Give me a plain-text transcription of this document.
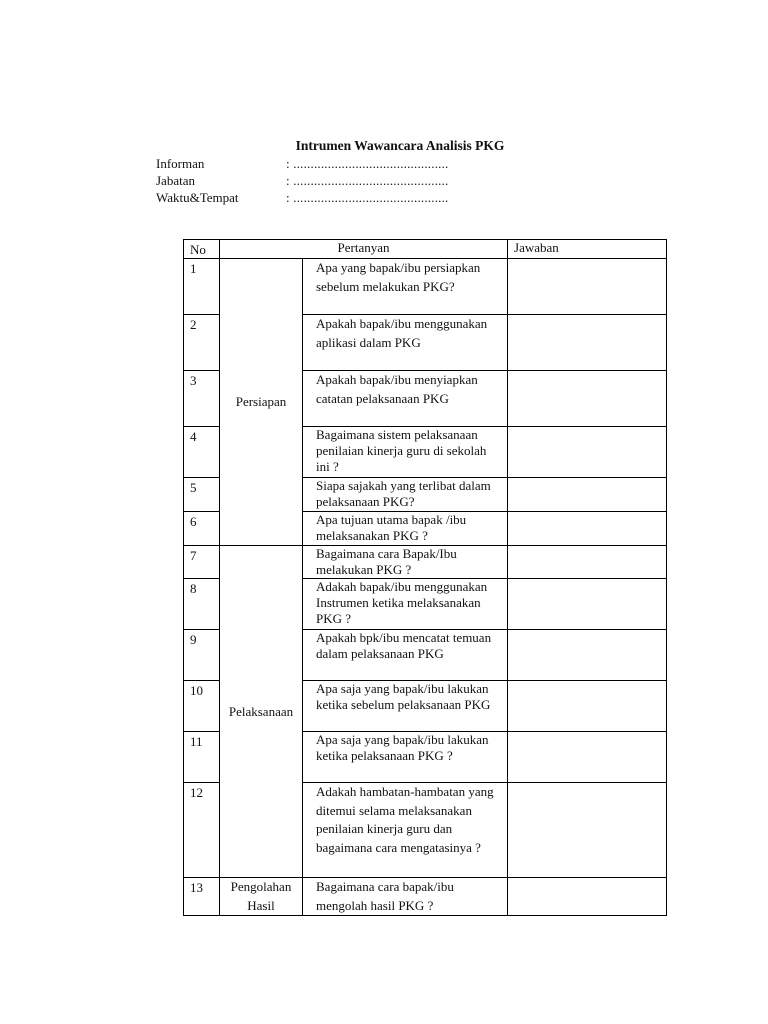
Intrumen Wawancara Analisis PKG
Informan	: .............................................
Jabatan	: .............................................
Waktu&Tempat	: .............................................
No	Pertanyan		Jawaban
1	Persiapan	Apa yang bapak/ibu persiapkan sebelum melakukan PKG?	
2		Apakah bapak/ibu menggunakan aplikasi dalam PKG	
3		Apakah bapak/ibu menyiapkan catatan pelaksanaan PKG	
4		Bagaimana sistem pelaksanaan penilaian kinerja guru di sekolah ini ?	
5		Siapa sajakah yang terlibat dalam pelaksanaan PKG?	
6		Apa tujuan utama bapak /ibu melaksanakan PKG ?	
7	Pelaksanaan	Bagaimana cara Bapak/Ibu melakukan PKG ?	
8		Adakah bapak/ibu menggunakan Instrumen ketika melaksanakan PKG ?	
9		Apakah bpk/ibu mencatat temuan dalam pelaksanaan PKG	
10		Apa saja yang bapak/ibu lakukan ketika sebelum pelaksanaan PKG	
11		Apa saja yang bapak/ibu lakukan ketika pelaksanaan PKG ?	
12		Adakah hambatan-hambatan yang ditemui selama melaksanakan penilaian kinerja guru dan bagaimana cara mengatasinya ?	
13	Pengolahan Hasil	Bagaimana cara bapak/ibu mengolah hasil PKG ?	
